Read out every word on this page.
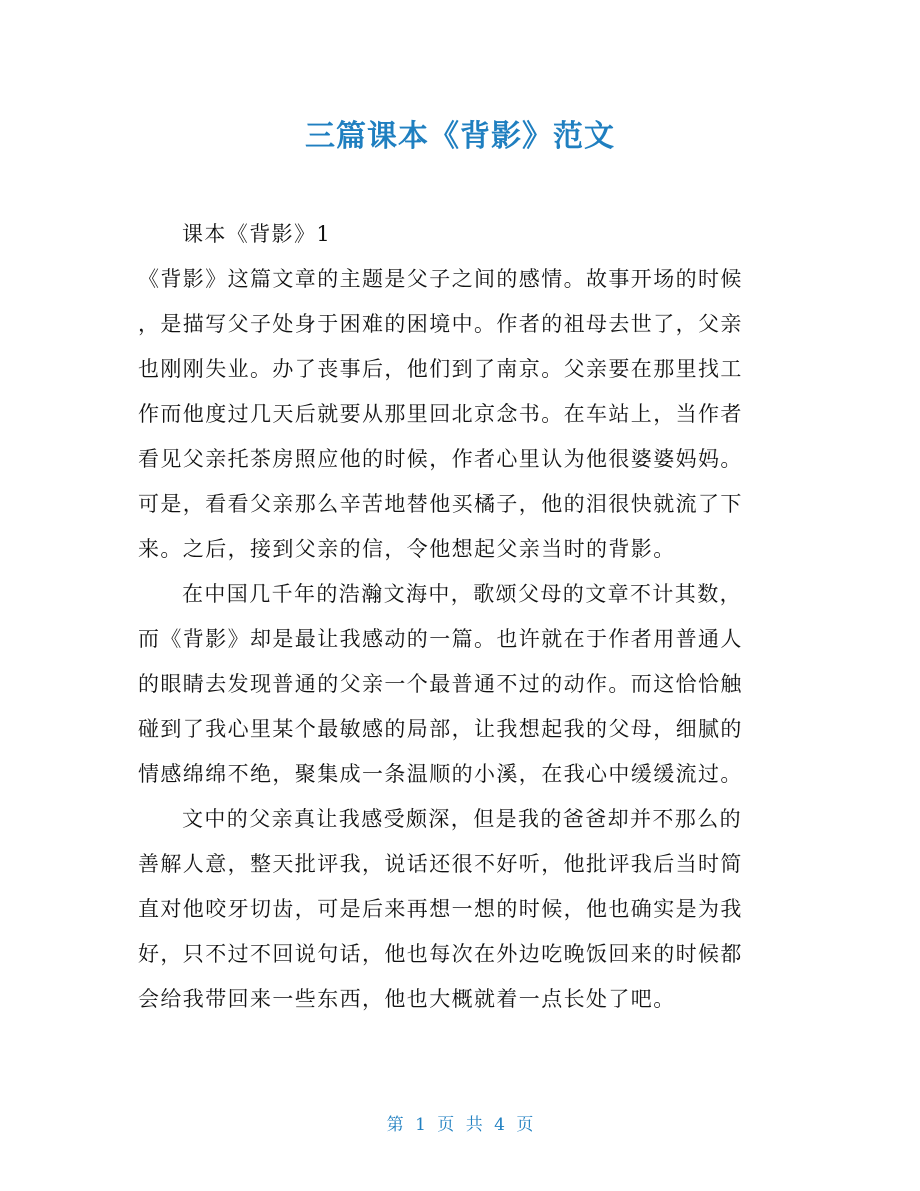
三篇课本《背影》范文
课本《背影》1
《背影》这篇文章的主题是父子之间的感情。故事开场的时候
，是描写父子处身于困难的困境中。作者的祖母去世了，父亲
也刚刚失业。办了丧事后，他们到了南京。父亲要在那里找工
作而他度过几天后就要从那里回北京念书。在车站上，当作者
看见父亲托茶房照应他的时候，作者心里认为他很婆婆妈妈。
可是，看看父亲那么辛苦地替他买橘子，他的泪很快就流了下
来。之后，接到父亲的信，令他想起父亲当时的背影。
在中国几千年的浩瀚文海中，歌颂父母的文章不计其数，
而《背影》却是最让我感动的一篇。也许就在于作者用普通人
的眼睛去发现普通的父亲一个最普通不过的动作。而这恰恰触
碰到了我心里某个最敏感的局部，让我想起我的父母，细腻的
情感绵绵不绝，聚集成一条温顺的小溪，在我心中缓缓流过。
文中的父亲真让我感受颇深，但是我的爸爸却并不那么的
善解人意，整天批评我，说话还很不好听，他批评我后当时简
直对他咬牙切齿，可是后来再想一想的时候，他也确实是为我
好，只不过不回说句话，他也每次在外边吃晚饭回来的时候都
会给我带回来一些东西，他也大概就着一点长处了吧。
第 1 页 共 4 页
